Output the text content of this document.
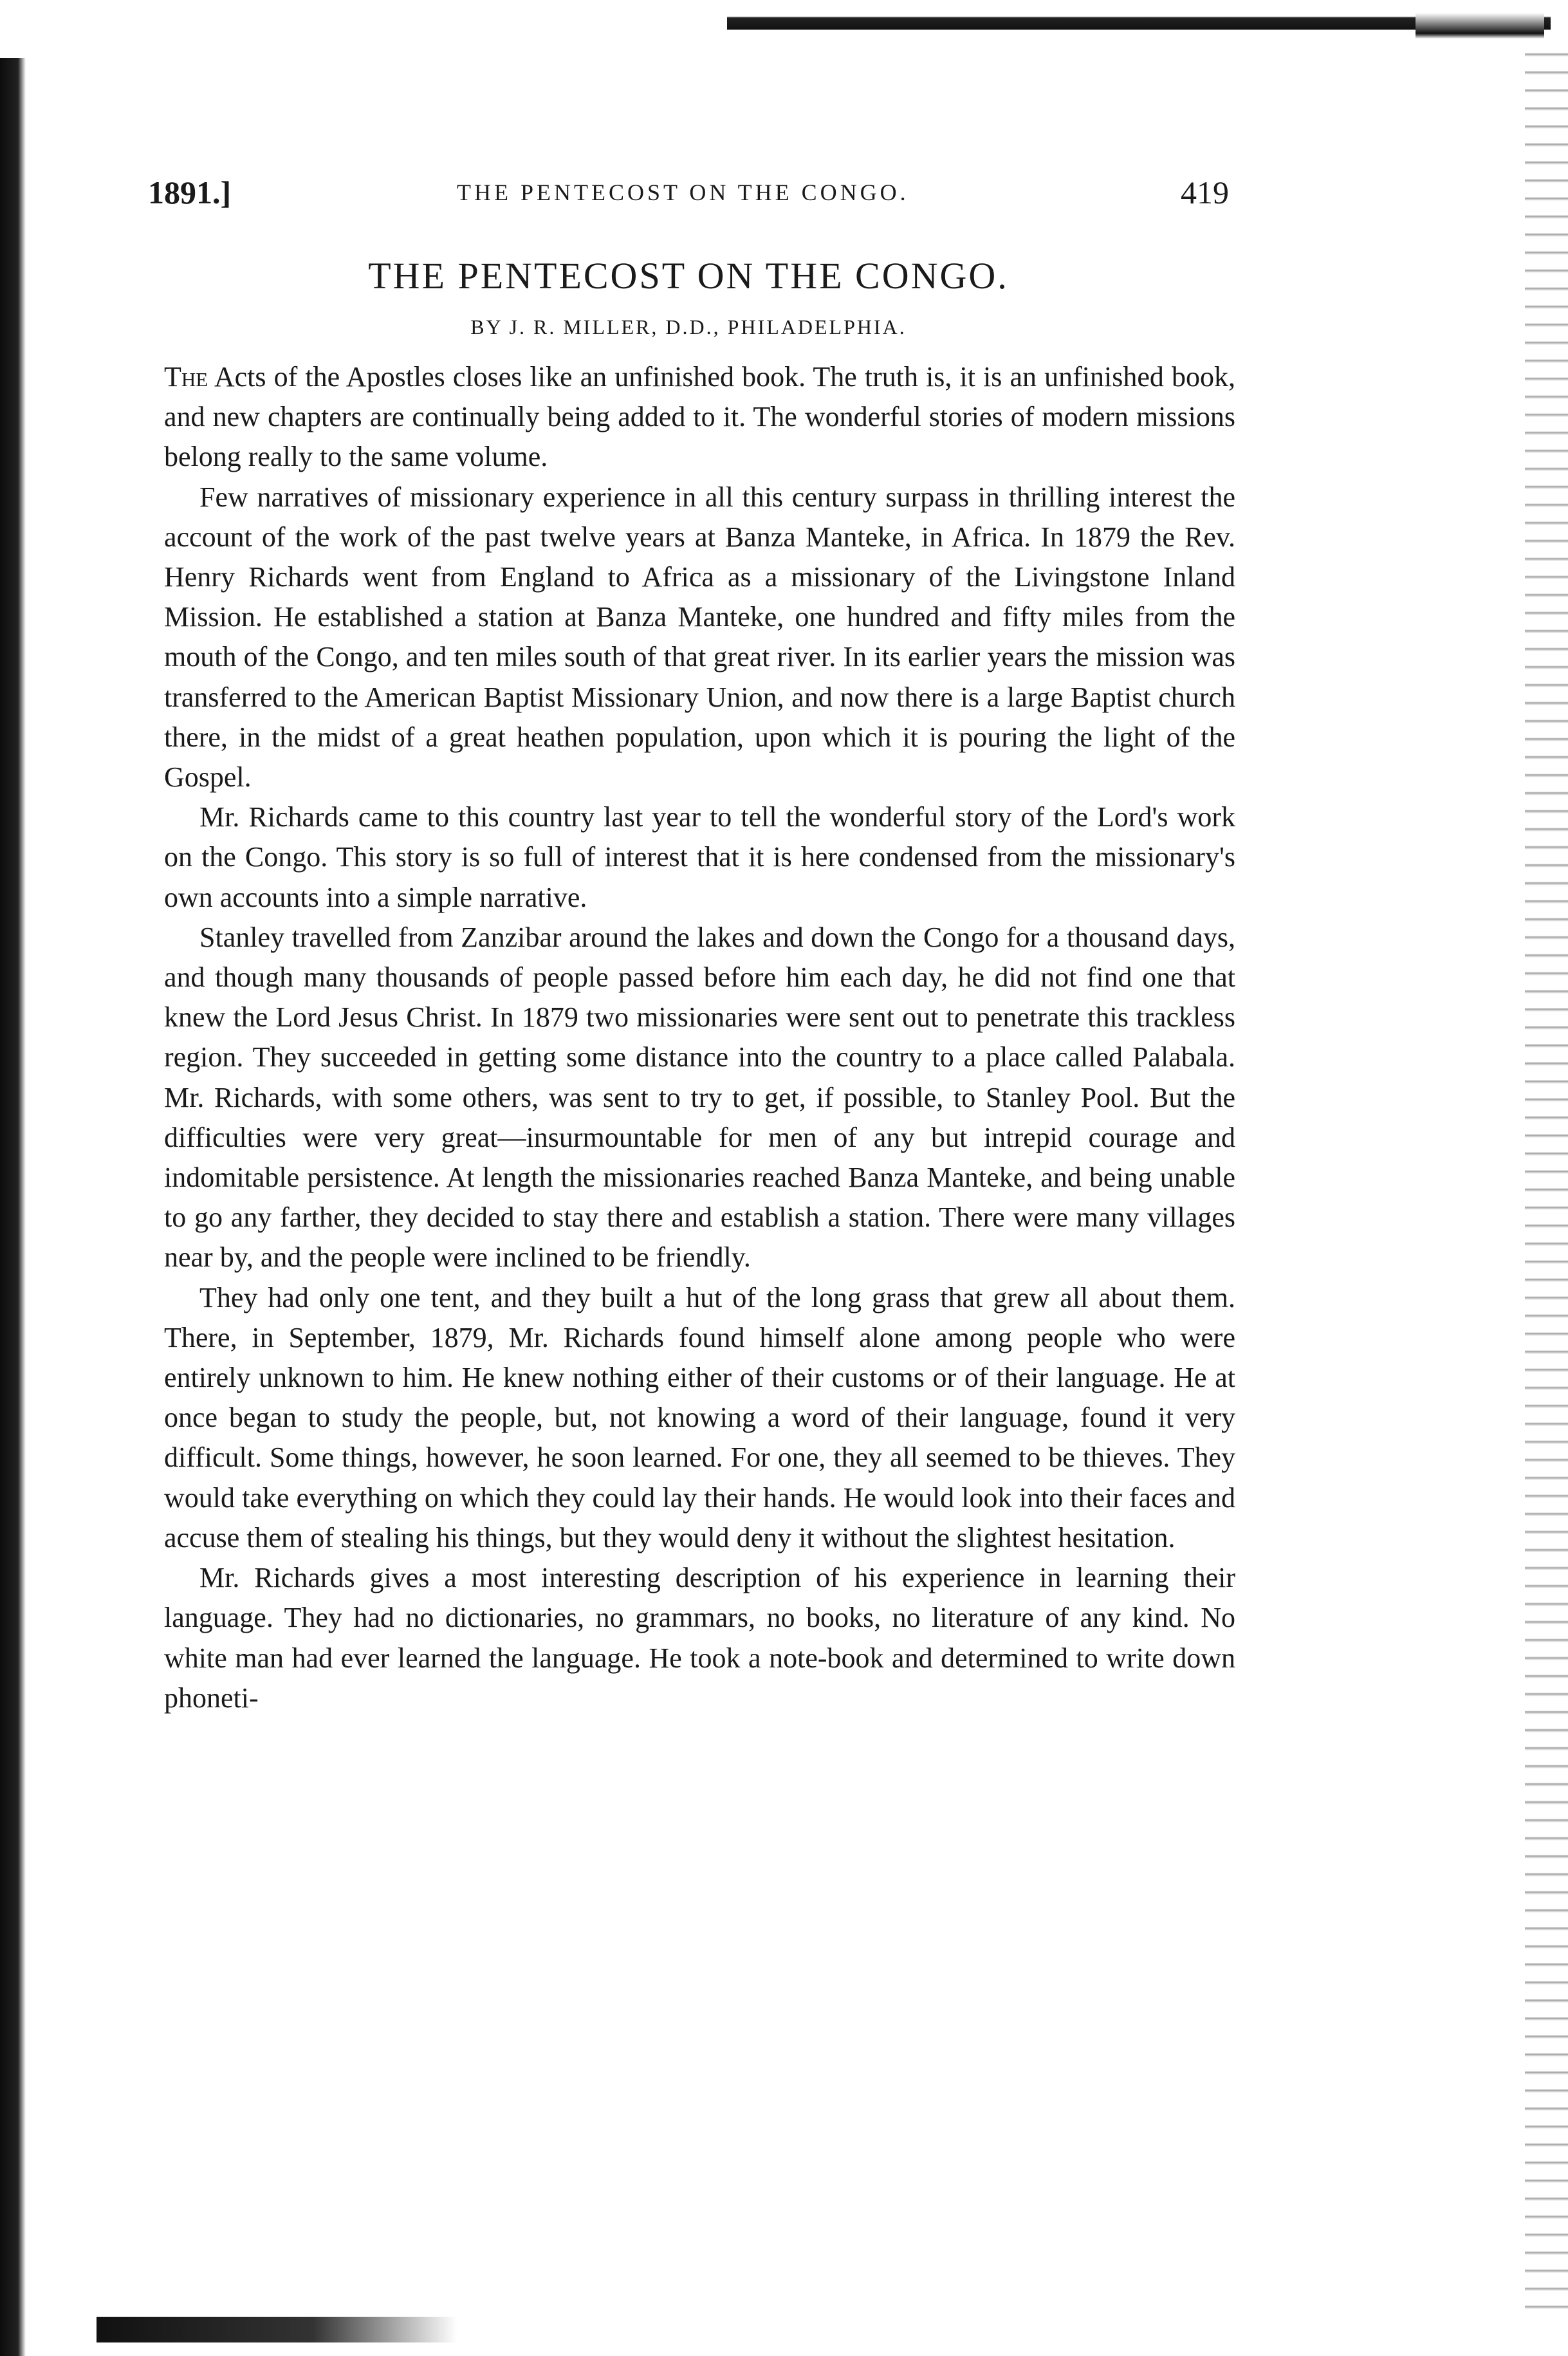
1891.]	THE PENTECOST ON THE CONGO.	419
THE PENTECOST ON THE CONGO.
BY J. R. MILLER, D.D., PHILADELPHIA.

The Acts of the Apostles closes like an unfinished book. The truth is, it is an unfinished book, and new chapters are continually being added to it. The wonderful stories of modern missions belong really to the same volume.

Few narratives of missionary experience in all this century surpass in thrilling interest the account of the work of the past twelve years at Banza Manteke, in Africa. In 1879 the Rev. Henry Richards went from England to Africa as a missionary of the Livingstone Inland Mission. He established a station at Banza Manteke, one hundred and fifty miles from the mouth of the Congo, and ten miles south of that great river. In its earlier years the mission was transferred to the American Baptist Missionary Union, and now there is a large Baptist church there, in the midst of a great heathen population, upon which it is pouring the light of the Gospel.

Mr. Richards came to this country last year to tell the wonderful story of the Lord's work on the Congo. This story is so full of interest that it is here condensed from the missionary's own accounts into a simple narrative.

Stanley travelled from Zanzibar around the lakes and down the Congo for a thousand days, and though many thousands of people passed before him each day, he did not find one that knew the Lord Jesus Christ. In 1879 two missionaries were sent out to penetrate this trackless region. They succeeded in getting some distance into the country to a place called Palabala. Mr. Richards, with some others, was sent to try to get, if possible, to Stanley Pool. But the difficulties were very great—insurmountable for men of any but intrepid courage and indomitable persistence. At length the missionaries reached Banza Manteke, and being unable to go any farther, they decided to stay there and establish a station. There were many villages near by, and the people were inclined to be friendly.

They had only one tent, and they built a hut of the long grass that grew all about them. There, in September, 1879, Mr. Richards found himself alone among people who were entirely unknown to him. He knew nothing either of their customs or of their language. He at once began to study the people, but, not knowing a word of their language, found it very difficult. Some things, however, he soon learned. For one, they all seemed to be thieves. They would take everything on which they could lay their hands. He would look into their faces and accuse them of stealing his things, but they would deny it without the slightest hesitation.

Mr. Richards gives a most interesting description of his experience in learning their language. They had no dictionaries, no grammars, no books, no literature of any kind. No white man had ever learned the language. He took a note-book and determined to write down phoneti-
